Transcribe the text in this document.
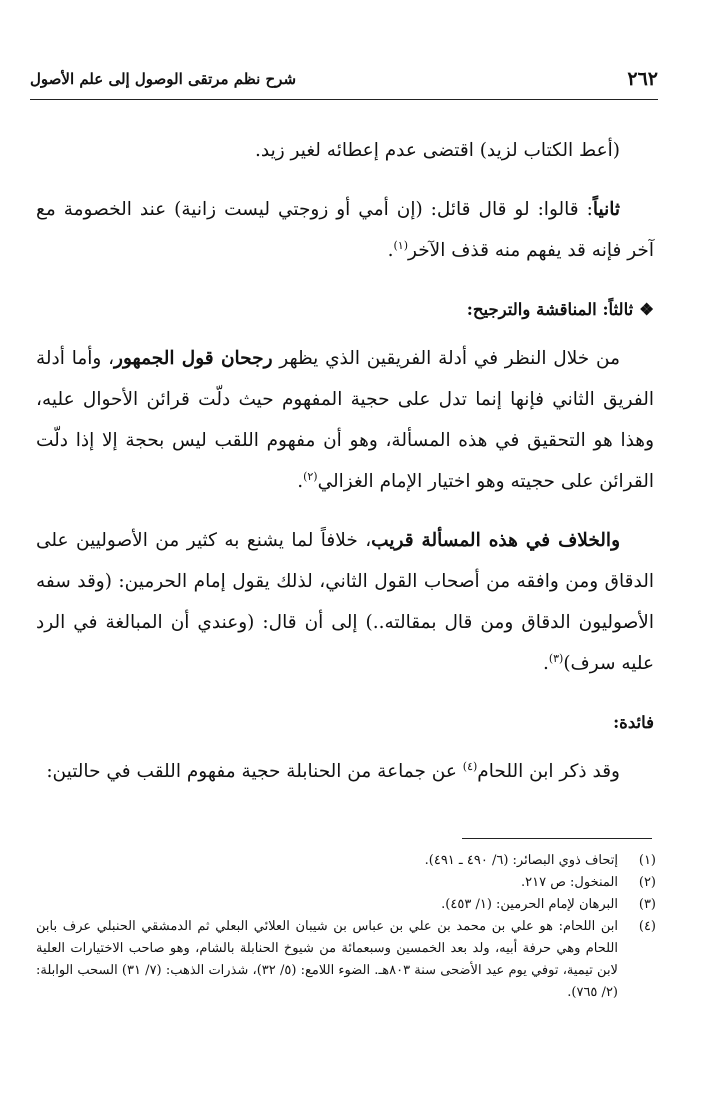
٢٦٢
شرح نظم مرتقى الوصول إلى علم الأصول

(أعط الكتاب لزيد) اقتضى عدم إعطائه لغير زيد.

ثانياً: قالوا: لو قال قائل: (إن أمي أو زوجتي ليست زانية) عند الخصومة مع آخر فإنه قد يفهم منه قذف الآخر$^{(١)}$.

❖ثالثاً: المناقشة والترجيح:

من خلال النظر في أدلة الفريقين الذي يظهر رجحان قول الجمهور، وأما أدلة الفريق الثاني فإنها إنما تدل على حجية المفهوم حيث دلّت قرائن الأحوال عليه، وهذا هو التحقيق في هذه المسألة، وهو أن مفهوم اللقب ليس بحجة إلا إذا دلّت القرائن على حجيته وهو اختيار الإمام الغزالي$^{(٢)}$.

والخلاف في هذه المسألة قريب، خلافاً لما يشنع به كثير من الأصوليين على الدقاق ومن وافقه من أصحاب القول الثاني، لذلك يقول إمام الحرمين: (وقد سفه الأصوليون الدقاق ومن قال بمقالته..) إلى أن قال: (وعندي أن المبالغة في الرد عليه سرف)$^{(٣)}$.

فائدة:

وقد ذكر ابن اللحام$^{(٤)}$ عن جماعة من الحنابلة حجية مفهوم اللقب في حالتين:

(١)
إتحاف ذوي البصائر: (٦/ ٤٩٠ ـ ٤٩١).
(٢)
المنخول: ص ٢١٧.
(٣)
البرهان لإمام الحرمين: (١/ ٤٥٣).
(٤)
ابن اللحام: هو علي بن محمد بن علي بن عباس بن شيبان العلائي البعلي ثم الدمشقي الحنبلي عرف بابن اللحام وهي حرفة أبيه، ولد بعد الخمسين وسبعمائة من شيوخ الحنابلة بالشام، وهو صاحب الاختيارات العلية لابن تيمية، توفي يوم عيد الأضحى سنة ٨٠٣هـ. الضوء اللامع: (٥/ ٣٢)، شذرات الذهب: (٧/ ٣١) السحب الوابلة: (٢/ ٧٦٥).
